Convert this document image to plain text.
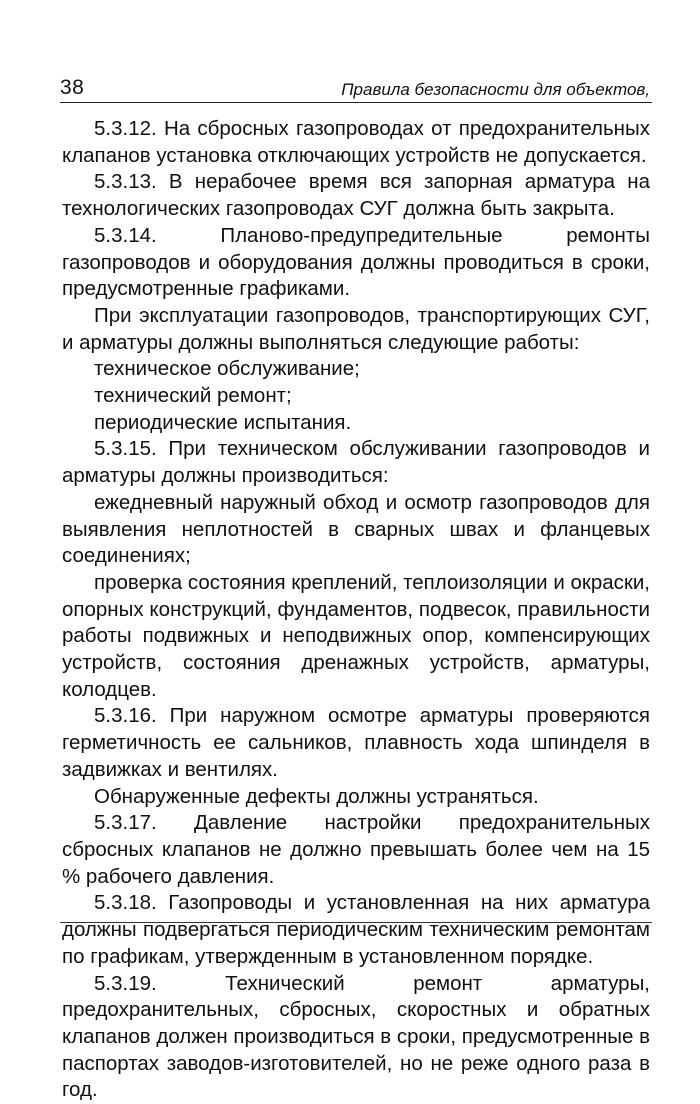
38	Правила безопасности для объектов,

5.3.12. На сбросных газопроводах от предохранительных клапанов установка отключающих устройств не допускается.

5.3.13. В нерабочее время вся запорная арматура на технологических газопроводах СУГ должна быть закрыта.

5.3.14. Планово-предупредительные ремонты газопроводов и оборудования должны проводиться в сроки, предусмотренные графиками.

При эксплуатации газопроводов, транспортирующих СУГ, и арматуры должны выполняться следующие работы:

техническое обслуживание;

технический ремонт;

периодические испытания.

5.3.15. При техническом обслуживании газопроводов и арматуры должны производиться:

ежедневный наружный обход и осмотр газопроводов для выявления неплотностей в сварных швах и фланцевых соединениях;

проверка состояния креплений, теплоизоляции и окраски, опорных конструкций, фундаментов, подвесок, правильности работы подвижных и неподвижных опор, компенсирующих устройств, состояния дренажных устройств, арматуры, колодцев.

5.3.16. При наружном осмотре арматуры проверяются герметичность ее сальников, плавность хода шпинделя в задвижках и вентилях.

Обнаруженные дефекты должны устраняться.

5.3.17. Давление настройки предохранительных сбросных клапанов не должно превышать более чем на 15 % рабочего давления.

5.3.18. Газопроводы и установленная на них арматура должны подвергаться периодическим техническим ремонтам по графикам, утвержденным в установленном порядке.

5.3.19. Технический ремонт арматуры, предохранительных, сбросных, скоростных и обратных клапанов должен производиться в сроки, предусмотренные в паспортах заводов-изготовителей, но не реже одного раза в год.
